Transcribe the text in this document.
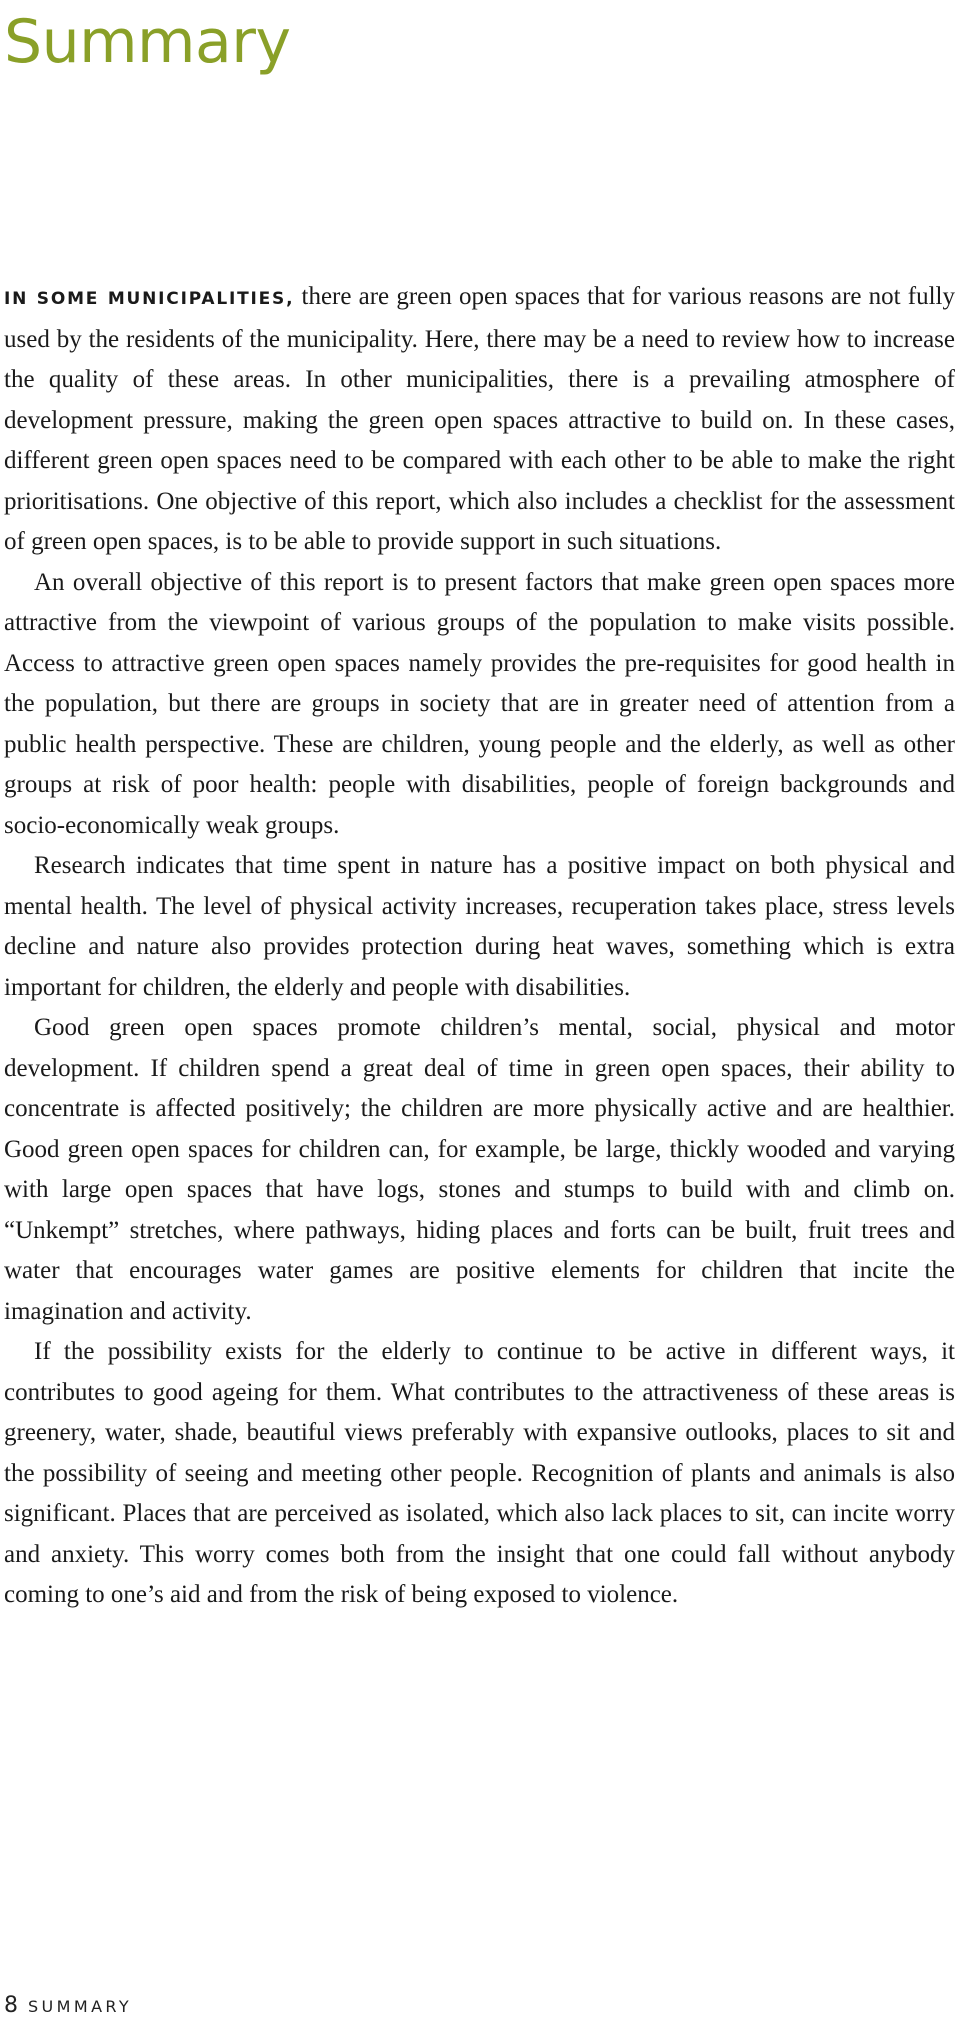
Summary

IN SOME MUNICIPALITIES, there are green open spaces that for various reasons are not fully used by the residents of the municipality. Here, there may be a need to review how to increase the quality of these areas. In other municipalities, there is a prevailing atmosphere of development pressure, making the green open spaces attractive to build on. In these cases, different green open spaces need to be compared with each other to be able to make the right prioritisations. One objective of this report, which also includes a checklist for the assessment of green open spaces, is to be able to provide support in such situations.

An overall objective of this report is to present factors that make green open spaces more attractive from the viewpoint of various groups of the population to make visits possible. Access to attractive green open spaces namely provides the pre-requisites for good health in the population, but there are groups in society that are in greater need of attention from a public health perspective. These are children, young people and the elderly, as well as other groups at risk of poor health: people with disabilities, people of foreign backgrounds and socio-economically weak groups.

Research indicates that time spent in nature has a positive impact on both physical and mental health. The level of physical activity increases, recuperation takes place, stress levels decline and nature also provides protection during heat waves, something which is extra important for children, the elderly and people with disabilities.

Good green open spaces promote children’s mental, social, physical and motor development. If children spend a great deal of time in green open spaces, their ability to concentrate is affected positively; the children are more physically active and are healthier. Good green open spaces for children can, for example, be large, thickly wooded and varying with large open spaces that have logs, stones and stumps to build with and climb on. “Unkempt” stretches, where pathways, hiding places and forts can be built, fruit trees and water that encourages water games are positive elements for children that incite the imagination and activity.

If the possibility exists for the elderly to continue to be active in different ways, it contributes to good ageing for them. What contributes to the attractiveness of these areas is greenery, water, shade, beautiful views preferably with expansive outlooks, places to sit and the possibility of seeing and meeting other people. Recognition of plants and animals is also significant. Places that are perceived as isolated, which also lack places to sit, can incite worry and anxiety. This worry comes both from the insight that one could fall without anybody coming to one’s aid and from the risk of being exposed to violence.

8 SUMMARY
